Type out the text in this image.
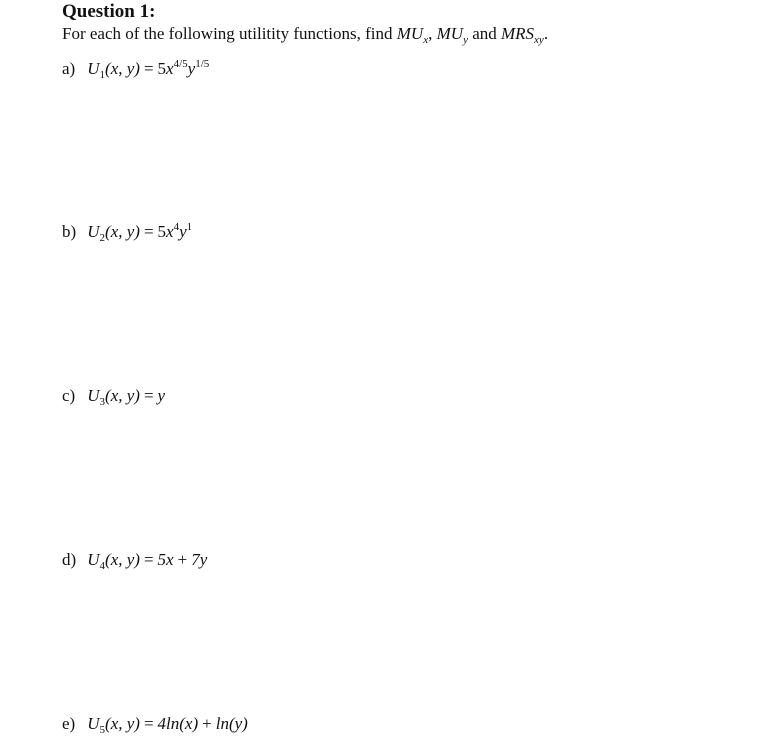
Question 1:
For each of the following utilitity functions, find $MU_x$, $MU_y$ and $MRS_{xy}$.
a) $U_1(x$, $y) = 5x^{4/5}y^{1/5}$
b) $U_2(x$, $y) = 5x^4y^1$
c) $U_3(x$, y) = y
d) $U_4(x$, y) = 5x + 7y
e) $U_5(x$, y) = 4ln(x) + ln(y)
